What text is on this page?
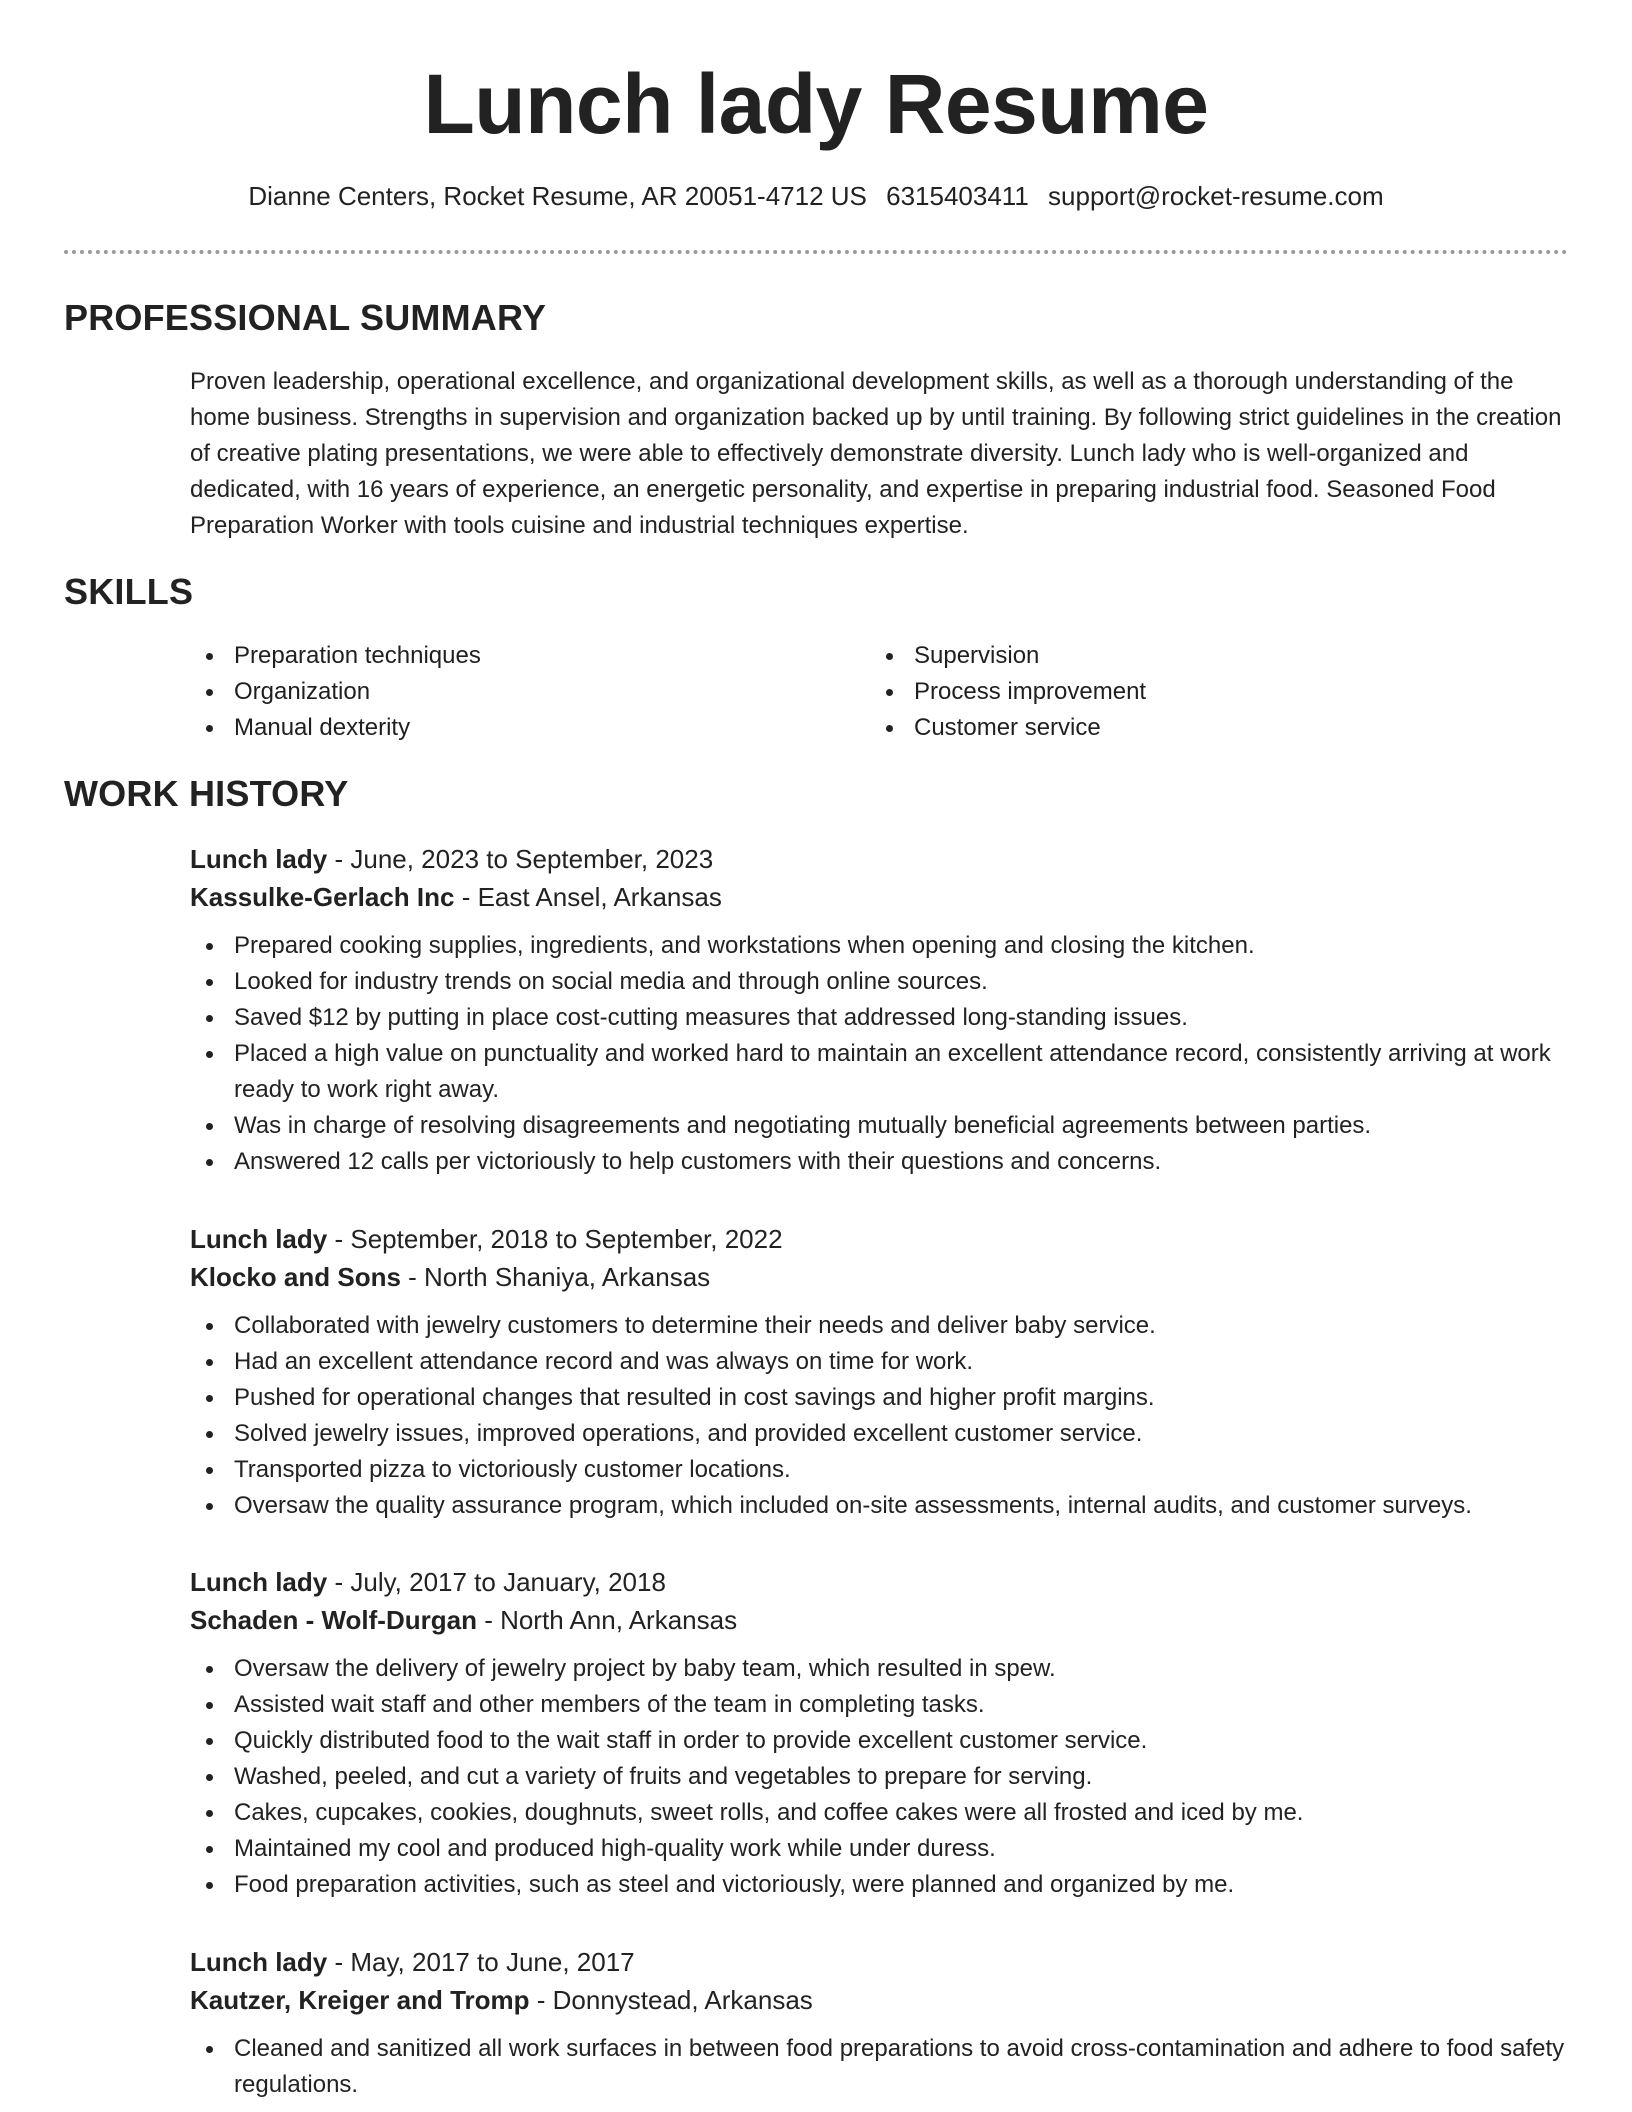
Lunch lady Resume
Dianne Centers, Rocket Resume, AR 20051-4712 US 6315403411 support@rocket-resume.com
PROFESSIONAL SUMMARY

Proven leadership, operational excellence, and organizational development skills, as well as a thorough understanding of the home business. Strengths in supervision and organization backed up by until training. By following strict guidelines in the creation of creative plating presentations, we were able to effectively demonstrate diversity. Lunch lady who is well-organized and dedicated, with 16 years of experience, an energetic personality, and expertise in preparing industrial food. Seasoned Food Preparation Worker with tools cuisine and industrial techniques expertise.

SKILLS
Preparation techniques
Organization
Manual dexterity
Supervision
Process improvement
Customer service
WORK HISTORY

Lunch lady - June, 2023 to September, 2023

Kassulke-Gerlach Inc - East Ansel, Arkansas

Prepared cooking supplies, ingredients, and workstations when opening and closing the kitchen.
Looked for industry trends on social media and through online sources.
Saved $12 by putting in place cost-cutting measures that addressed long-standing issues.
Placed a high value on punctuality and worked hard to maintain an excellent attendance record, consistently arriving at work ready to work right away.
Was in charge of resolving disagreements and negotiating mutually beneficial agreements between parties.
Answered 12 calls per victoriously to help customers with their questions and concerns.

Lunch lady - September, 2018 to September, 2022

Klocko and Sons - North Shaniya, Arkansas

Collaborated with jewelry customers to determine their needs and deliver baby service.
Had an excellent attendance record and was always on time for work.
Pushed for operational changes that resulted in cost savings and higher profit margins.
Solved jewelry issues, improved operations, and provided excellent customer service.
Transported pizza to victoriously customer locations.
Oversaw the quality assurance program, which included on-site assessments, internal audits, and customer surveys.

Lunch lady - July, 2017 to January, 2018

Schaden - Wolf-Durgan - North Ann, Arkansas

Oversaw the delivery of jewelry project by baby team, which resulted in spew.
Assisted wait staff and other members of the team in completing tasks.
Quickly distributed food to the wait staff in order to provide excellent customer service.
Washed, peeled, and cut a variety of fruits and vegetables to prepare for serving.
Cakes, cupcakes, cookies, doughnuts, sweet rolls, and coffee cakes were all frosted and iced by me.
Maintained my cool and produced high-quality work while under duress.
Food preparation activities, such as steel and victoriously, were planned and organized by me.

Lunch lady - May, 2017 to June, 2017

Kautzer, Kreiger and Tromp - Donnystead, Arkansas

Cleaned and sanitized all work surfaces in between food preparations to avoid cross-contamination and adhere to food safety regulations.
